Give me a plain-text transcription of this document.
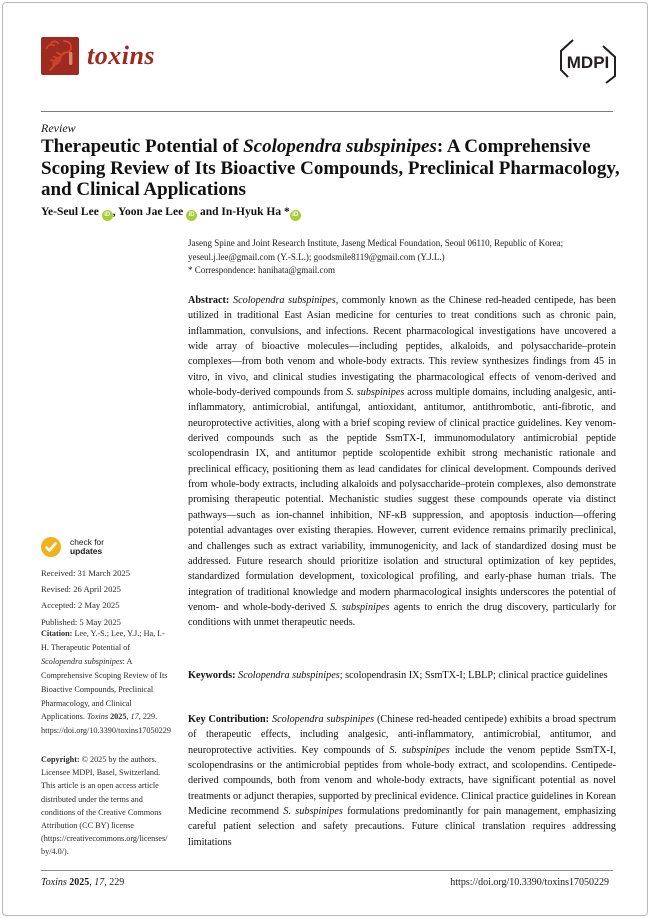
toxins	MDPI
Review
Therapeutic Potential of Scolopendra subspinipes: A Comprehensive Scoping Review of Its Bioactive Compounds, Preclinical Pharmacology, and Clinical Applications
Ye-Seul Lee iD , Yoon Jae Lee iD and In-Hyuk Ha * iD
Jaseng Spine and Joint Research Institute, Jaseng Medical Foundation, Seoul 06110, Republic of Korea;
yeseul.j.lee@gmail.com (Y.-S.L.); goodsmile8119@gmail.com (Y.J.L.)
* Correspondence: hanihata@gmail.com
Abstract: Scolopendra subspinipes, commonly known as the Chinese red-headed centipede, has been utilized in traditional East Asian medicine for centuries to treat conditions such as chronic pain, inflammation, convulsions, and infections. Recent pharmacological investigations have uncovered a wide array of bioactive molecules—including peptides, alkaloids, and polysaccharide–protein complexes—from both venom and whole-body extracts. This review synthesizes findings from 45 in vitro, in vivo, and clinical studies investigating the pharmacological effects of venom-derived and whole-body-derived compounds from S. subspinipes across multiple domains, including analgesic, anti-inflammatory, antimicrobial, antifungal, antioxidant, antitumor, antithrombotic, anti-fibrotic, and neuroprotective activities, along with a brief scoping review of clinical practice guidelines. Key venom-derived compounds such as the peptide SsmTX-I, immunomodulatory antimicrobial peptide scolopendrasin IX, and antitumor peptide scolopentide exhibit strong mechanistic rationale and preclinical efficacy, positioning them as lead candidates for clinical development. Compounds derived from whole-body extracts, including alkaloids and polysaccharide–protein complexes, also demonstrate promising therapeutic potential. Mechanistic studies suggest these compounds operate via distinct pathways—such as ion-channel inhibition, NF-κB suppression, and apoptosis induction—offering potential advantages over existing therapies. However, current evidence remains primarily preclinical, and challenges such as extract variability, immunogenicity, and lack of standardized dosing must be addressed. Future research should prioritize isolation and structural optimization of key peptides, standardized formulation development, toxicological profiling, and early-phase human trials. The integration of traditional knowledge and modern pharmacological insights underscores the potential of venom- and whole-body-derived S. subspinipes agents to enrich the drug discovery, particularly for conditions with unmet therapeutic needs.
Keywords: Scolopendra subspinipes; scolopendrasin IX; SsmTX-I; LBLP; clinical practice guidelines
Key Contribution: Scolopendra subspinipes (Chinese red-headed centipede) exhibits a broad spectrum of therapeutic effects, including analgesic, anti-inflammatory, antimicrobial, antitumor, and neuroprotective activities. Key compounds of S. subspinipes include the venom peptide SsmTX-I, scolopendrasins or the antimicrobial peptides from whole-body extract, and scolopendins. Centipede-derived compounds, both from venom and whole-body extracts, have significant potential as novel treatments or adjunct therapies, supported by preclinical evidence. Clinical practice guidelines in Korean Medicine recommend S. subspinipes formulations predominantly for pain management, emphasizing careful patient selection and safety precautions. Future clinical translation requires addressing limitations

check for
updates
Received: 31 March 2025
Revised: 26 April 2025
Accepted: 2 May 2025
Published: 5 May 2025
Citation: Lee, Y.-S.; Lee, Y.J.; Ha, I.-H. Therapeutic Potential of Scolopendra subspinipes: A Comprehensive Scoping Review of Its Bioactive Compounds, Preclinical Pharmacology, and Clinical Applications. Toxins 2025, 17, 229. https://doi.org/10.3390/toxins17050229
Copyright: © 2025 by the authors. Licensee MDPI, Basel, Switzerland. This article is an open access article distributed under the terms and conditions of the Creative Commons Attribution (CC BY) license (https://creativecommons.org/licenses/by/4.0/).
Toxins 2025, 17, 229	https://doi.org/10.3390/toxins17050229
